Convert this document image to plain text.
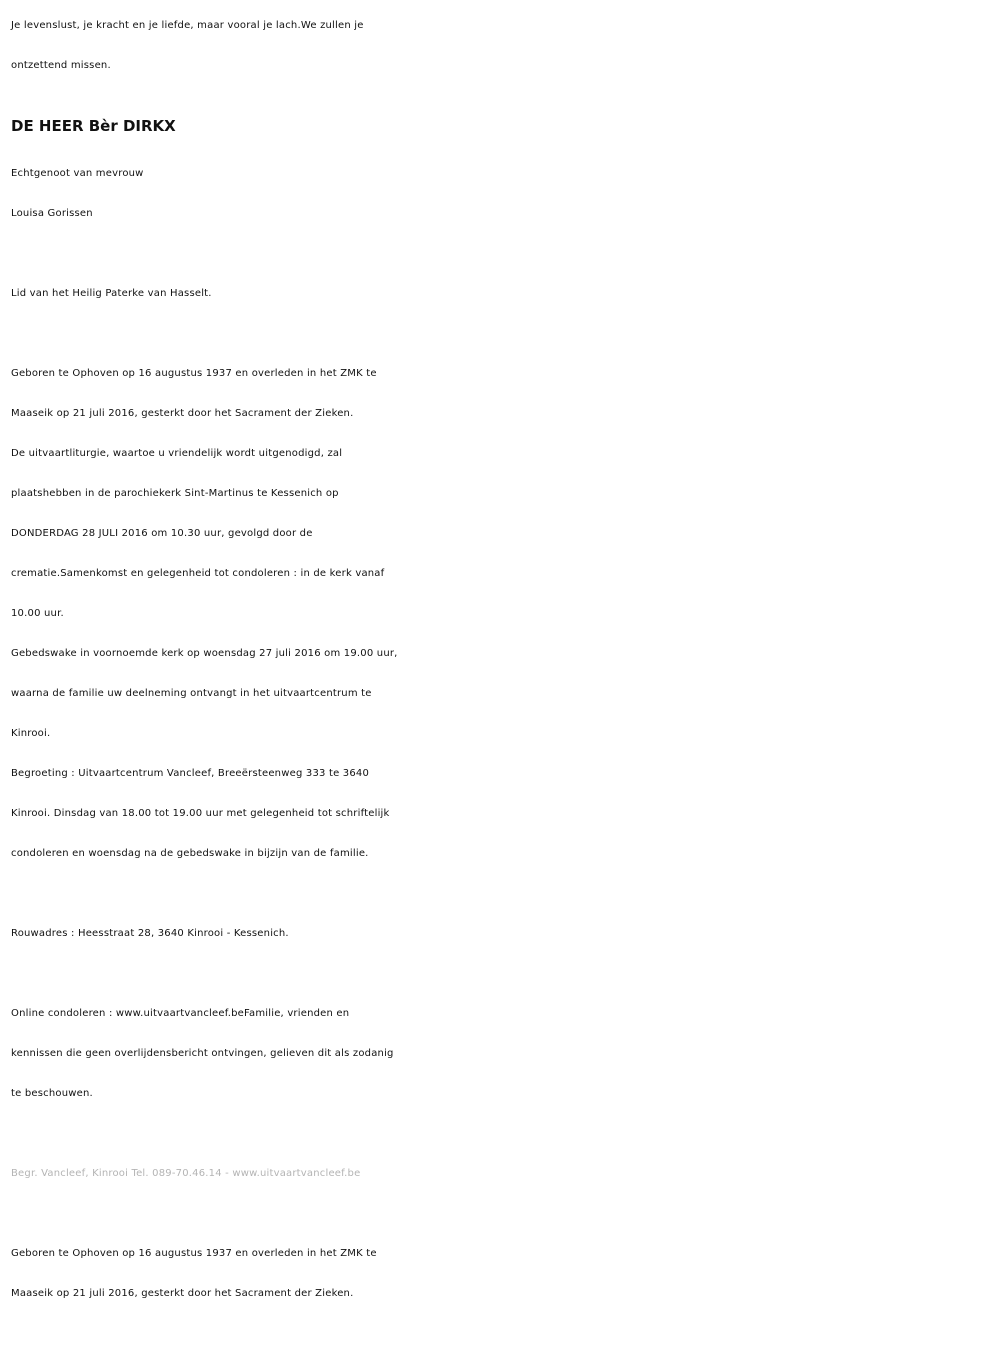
Je levenslust, je kracht en je liefde, maar vooral je lach.We zullen je
ontzettend missen.
DE HEER Bèr DIRKX
Echtgenoot van mevrouw
Louisa Gorissen
Lid van het Heilig Paterke van Hasselt.
Geboren te Ophoven op 16 augustus 1937 en overleden in het ZMK te
Maaseik op 21 juli 2016, gesterkt door het Sacrament der Zieken.
De uitvaartliturgie, waartoe u vriendelijk wordt uitgenodigd, zal
plaatshebben in de parochiekerk Sint-Martinus te Kessenich op
DONDERDAG 28 JULI 2016 om 10.30 uur, gevolgd door de
crematie.Samenkomst en gelegenheid tot condoleren : in de kerk vanaf
10.00 uur.
Gebedswake in voornoemde kerk op woensdag 27 juli 2016 om 19.00 uur,
waarna de familie uw deelneming ontvangt in het uitvaartcentrum te
Kinrooi.
Begroeting : Uitvaartcentrum Vancleef, Breeërsteenweg 333 te 3640
Kinrooi. Dinsdag van 18.00 tot 19.00 uur met gelegenheid tot schriftelijk
condoleren en woensdag na de gebedswake in bijzijn van de familie.
Rouwadres : Heesstraat 28, 3640 Kinrooi - Kessenich.
Online condoleren : www.uitvaartvancleef.beFamilie, vrienden en
kennissen die geen overlijdensbericht ontvingen, gelieven dit als zodanig
te beschouwen.
Begr. Vancleef, Kinrooi Tel. 089-70.46.14 - www.uitvaartvancleef.be
Geboren te Ophoven op 16 augustus 1937 en overleden in het ZMK te
Maaseik op 21 juli 2016, gesterkt door het Sacrament der Zieken.
